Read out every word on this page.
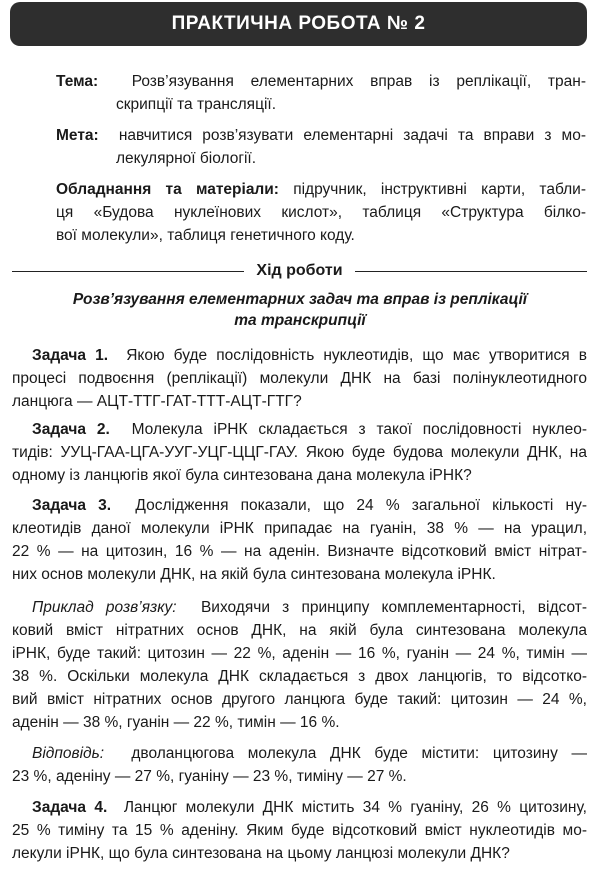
ПРАКТИЧНА РОБОТА № 2
Тема: Розв’язування елементарних вправ із реплікації, тран-
скрипції та трансляції.
Мета: навчитися розв’язувати елементарні задачі та вправи з мо-
лекулярної біології.
Обладнання та матеріали: підручник, інструктивні карти, табли-
ця «Будова нуклеїнових кислот», таблиця «Структура білко-
вої молекули», таблиця генетичного коду.
Хід роботи
Розв’язування елементарних задач та вправ із реплікації
та транскрипції
Задача 1. Якою буде послідовність нуклеотидів, що має утворитися в
процесі подвоєння (реплікації) молекули ДНК на базі полінуклеотидного
ланцюга — АЦТ-ТТГ-ГАТ-ТТТ-АЦТ-ГТГ?
Задача 2. Молекула іРНК складається з такої послідовності нуклео-
тидів: УУЦ-ГАА-ЦГА-УУГ-УЦГ-ЦЦГ-ГАУ. Якою буде будова молекули ДНК, на
одному із ланцюгів якої була синтезована дана молекула іРНК?
Задача 3. Дослідження показали, що 24 % загальної кількості ну-
клеотидів даної молекули іРНК припадає на гуанін, 38 % — на урацил,
22 % — на цитозин, 16 % — на аденін. Визначте відсотковий вміст нітрат-
них основ молекули ДНК, на якій була синтезована молекула іРНК.
Приклад розв’язку: Виходячи з принципу комплементарності, відсот-
ковий вміст нітратних основ ДНК, на якій була синтезована молекула
іРНК, буде такий: цитозин — 22 %, аденін — 16 %, гуанін — 24 %, тимін —
38 %. Оскільки молекула ДНК складається з двох ланцюгів, то відсотко-
вий вміст нітратних основ другого ланцюга буде такий: цитозин — 24 %,
аденін — 38 %, гуанін — 22 %, тимін — 16 %.
Відповідь: дволанцюгова молекула ДНК буде містити: цитозину —
23 %, аденіну — 27 %, гуаніну — 23 %, тиміну — 27 %.
Задача 4. Ланцюг молекули ДНК містить 34 % гуаніну, 26 % цитозину,
25 % тиміну та 15 % аденіну. Яким буде відсотковий вміст нуклеотидів мо-
лекули іРНК, що була синтезована на цьому ланцюзі молекули ДНК?
